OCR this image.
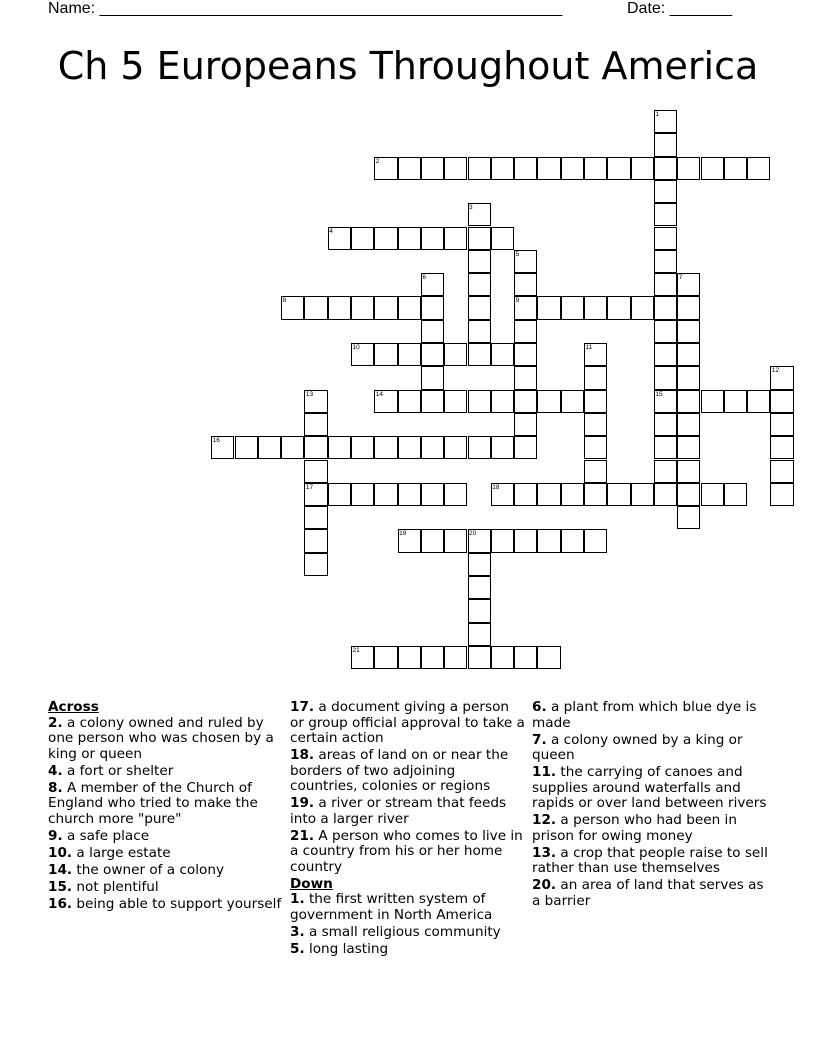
Name: ____________________________________________________	Date: _______
Ch 5 Europeans Throughout America
1
2
3
4
5
6	7
8	9
10	11
12
13	14	15
16
17	18
19	20
21
Across
2. a colony owned and ruled by one person who was chosen by a king or queen
4. a fort or shelter
8. A member of the Church of England who tried to make the church more "pure"
9. a safe place
10. a large estate
14. the owner of a colony
15. not plentiful
16. being able to support yourself
17. a document giving a person or group official approval to take a certain action
18. areas of land on or near the borders of two adjoining countries, colonies or regions
19. a river or stream that feeds into a larger river
21. A person who comes to live in a country from his or her home country
Down
1. the first written system of government in North America
3. a small religious community
5. long lasting
6. a plant from which blue dye is made
7. a colony owned by a king or queen
11. the carrying of canoes and supplies around waterfalls and rapids or over land between rivers
12. a person who had been in prison for owing money
13. a crop that people raise to sell rather than use themselves
20. an area of land that serves as a barrier
